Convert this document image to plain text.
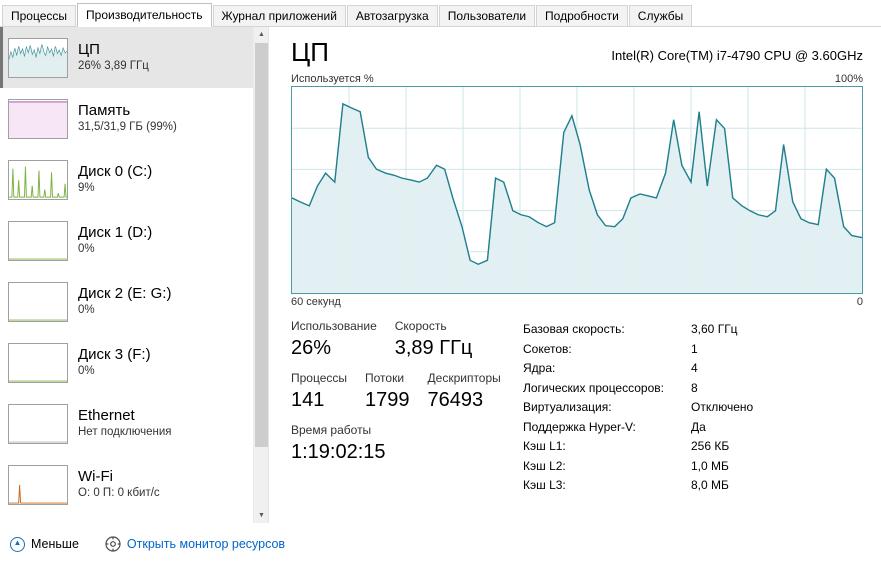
Процессы	Производительность	Журнал приложений	Автозагрузка	Пользователи	Подробности	Службы
ЦП
26% 3,89 ГГц
Память
31,5/31,9 ГБ (99%)
Диск 0 (C:)
9%
Диск 1 (D:)
0%
Диск 2 (E: G:)
0%
Диск 3 (F:)
0%
Ethernet
Нет подключения
Wi-Fi
О: 0 П: 0 кбит/с
▲
▼
ЦП	Intel(R) Core(TM) i7-4790 CPU @ 3.60GHz
Используется %	100%
60 секунд	0
Использование
26%
Скорость
3,89 ГГц
Процессы
141
Потоки
1799
Дескрипторы
76493
Время работы
1:19:02:15
Базовая скорость:	3,60 ГГц
Сокетов:	1
Ядра:	4
Логических процессоров:	8
Виртуализация:	Отключено
Поддержка Hyper-V:	Да
Кэш L1:	256 КБ
Кэш L2:	1,0 МБ
Кэш L3:	8,0 МБ
▲ Меньше	Открыть монитор ресурсов
